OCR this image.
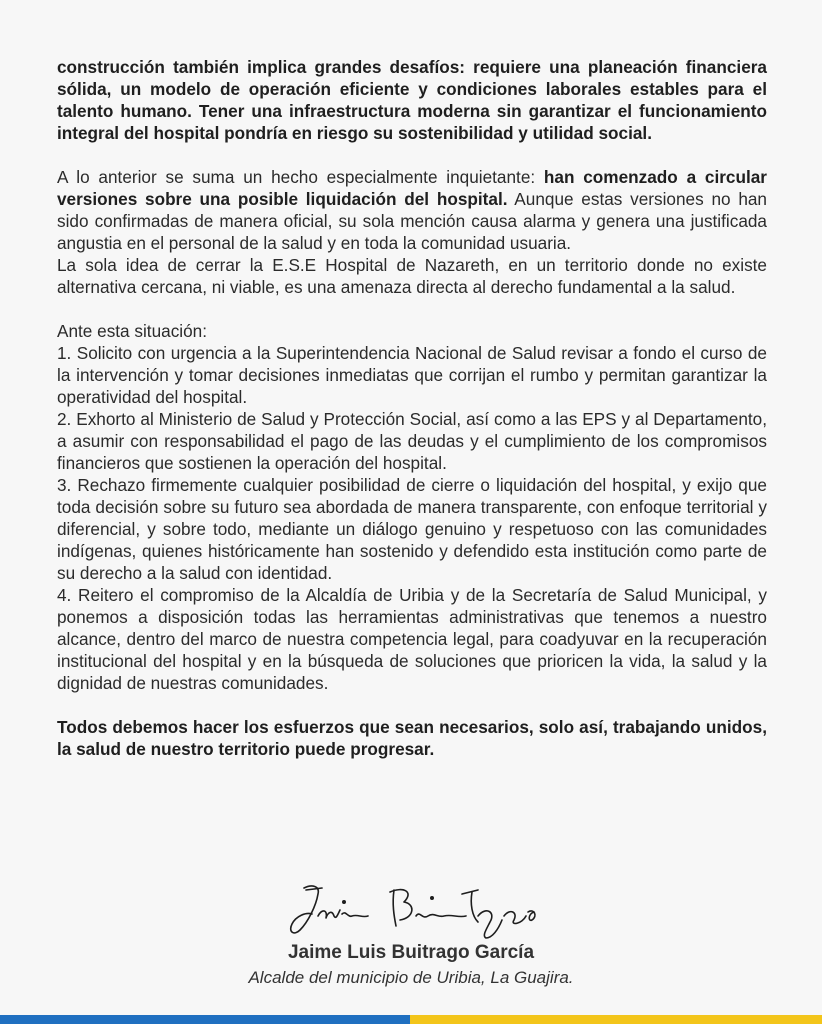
construcción también implica grandes desafíos: requiere una planeación financiera sólida, un modelo de operación eficiente y condiciones laborales estables para el talento humano. Tener una infraestructura moderna sin garantizar el funcionamiento integral del hospital pondría en riesgo su sostenibilidad y utilidad social.

A lo anterior se suma un hecho especialmente inquietante: han comenzado a circular versiones sobre una posible liquidación del hospital. Aunque estas versiones no han sido confirmadas de manera oficial, su sola mención causa alarma y genera una justificada angustia en el personal de la salud y en toda la comunidad usuaria.

La sola idea de cerrar la E.S.E Hospital de Nazareth, en un territorio donde no existe alternativa cercana, ni viable, es una amenaza directa al derecho fundamental a la salud.

Ante esta situación:

1. Solicito con urgencia a la Superintendencia Nacional de Salud revisar a fondo el curso de la intervención y tomar decisiones inmediatas que corrijan el rumbo y permitan garantizar la operatividad del hospital.

2. Exhorto al Ministerio de Salud y Protección Social, así como a las EPS y al Departamento, a asumir con responsabilidad el pago de las deudas y el cumplimiento de los compromisos financieros que sostienen la operación del hospital.

3. Rechazo firmemente cualquier posibilidad de cierre o liquidación del hospital, y exijo que toda decisión sobre su futuro sea abordada de manera transparente, con enfoque territorial y diferencial, y sobre todo, mediante un diálogo genuino y respetuoso con las comunidades indígenas, quienes históricamente han sostenido y defendido esta institución como parte de su derecho a la salud con identidad.

4. Reitero el compromiso de la Alcaldía de Uribia y de la Secretaría de Salud Municipal, y ponemos a disposición todas las herramientas administrativas que tenemos a nuestro alcance, dentro del marco de nuestra competencia legal, para coadyuvar en la recuperación institucional del hospital y en la búsqueda de soluciones que prioricen la vida, la salud y la dignidad de nuestras comunidades.

Todos debemos hacer los esfuerzos que sean necesarios, solo así, trabajando unidos, la salud de nuestro territorio puede progresar.

Jaime Luis Buitrago García
Alcalde del municipio de Uribia, La Guajira.
